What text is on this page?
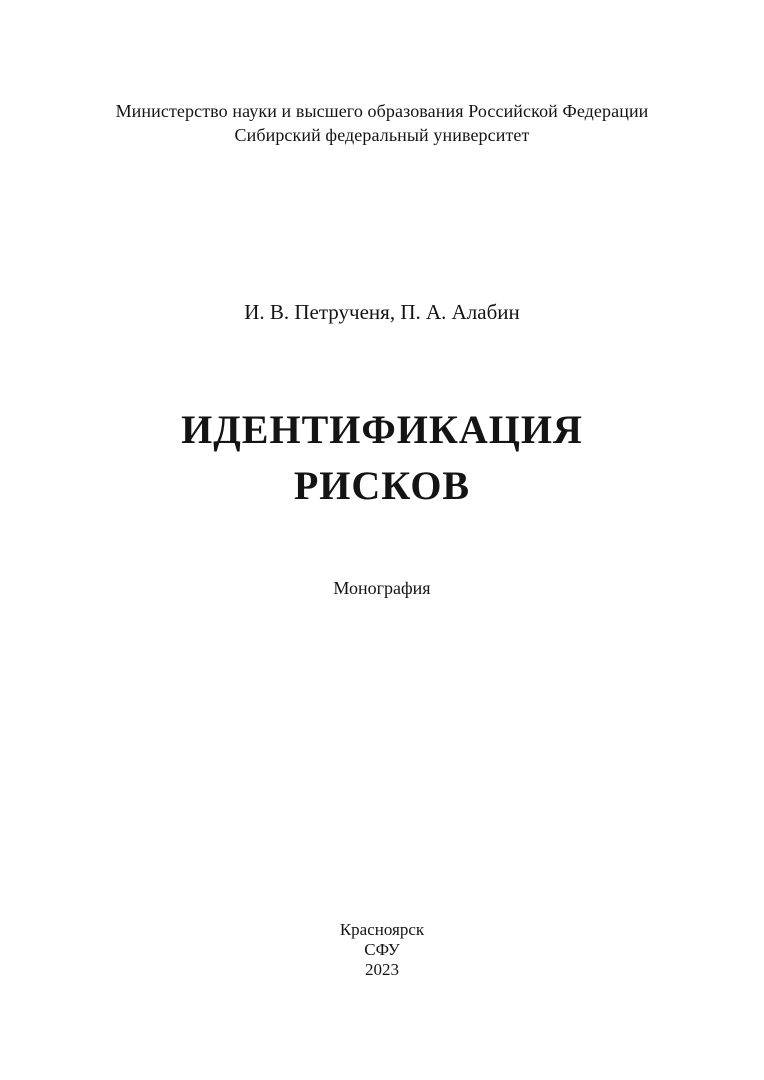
Министерство науки и высшего образования Российской Федерации
Сибирский федеральный университет
И. В. Петрученя, П. А. Алабин
ИДЕНТИФИКАЦИЯ
РИСКОВ
Монография
Красноярск
СФУ
2023
